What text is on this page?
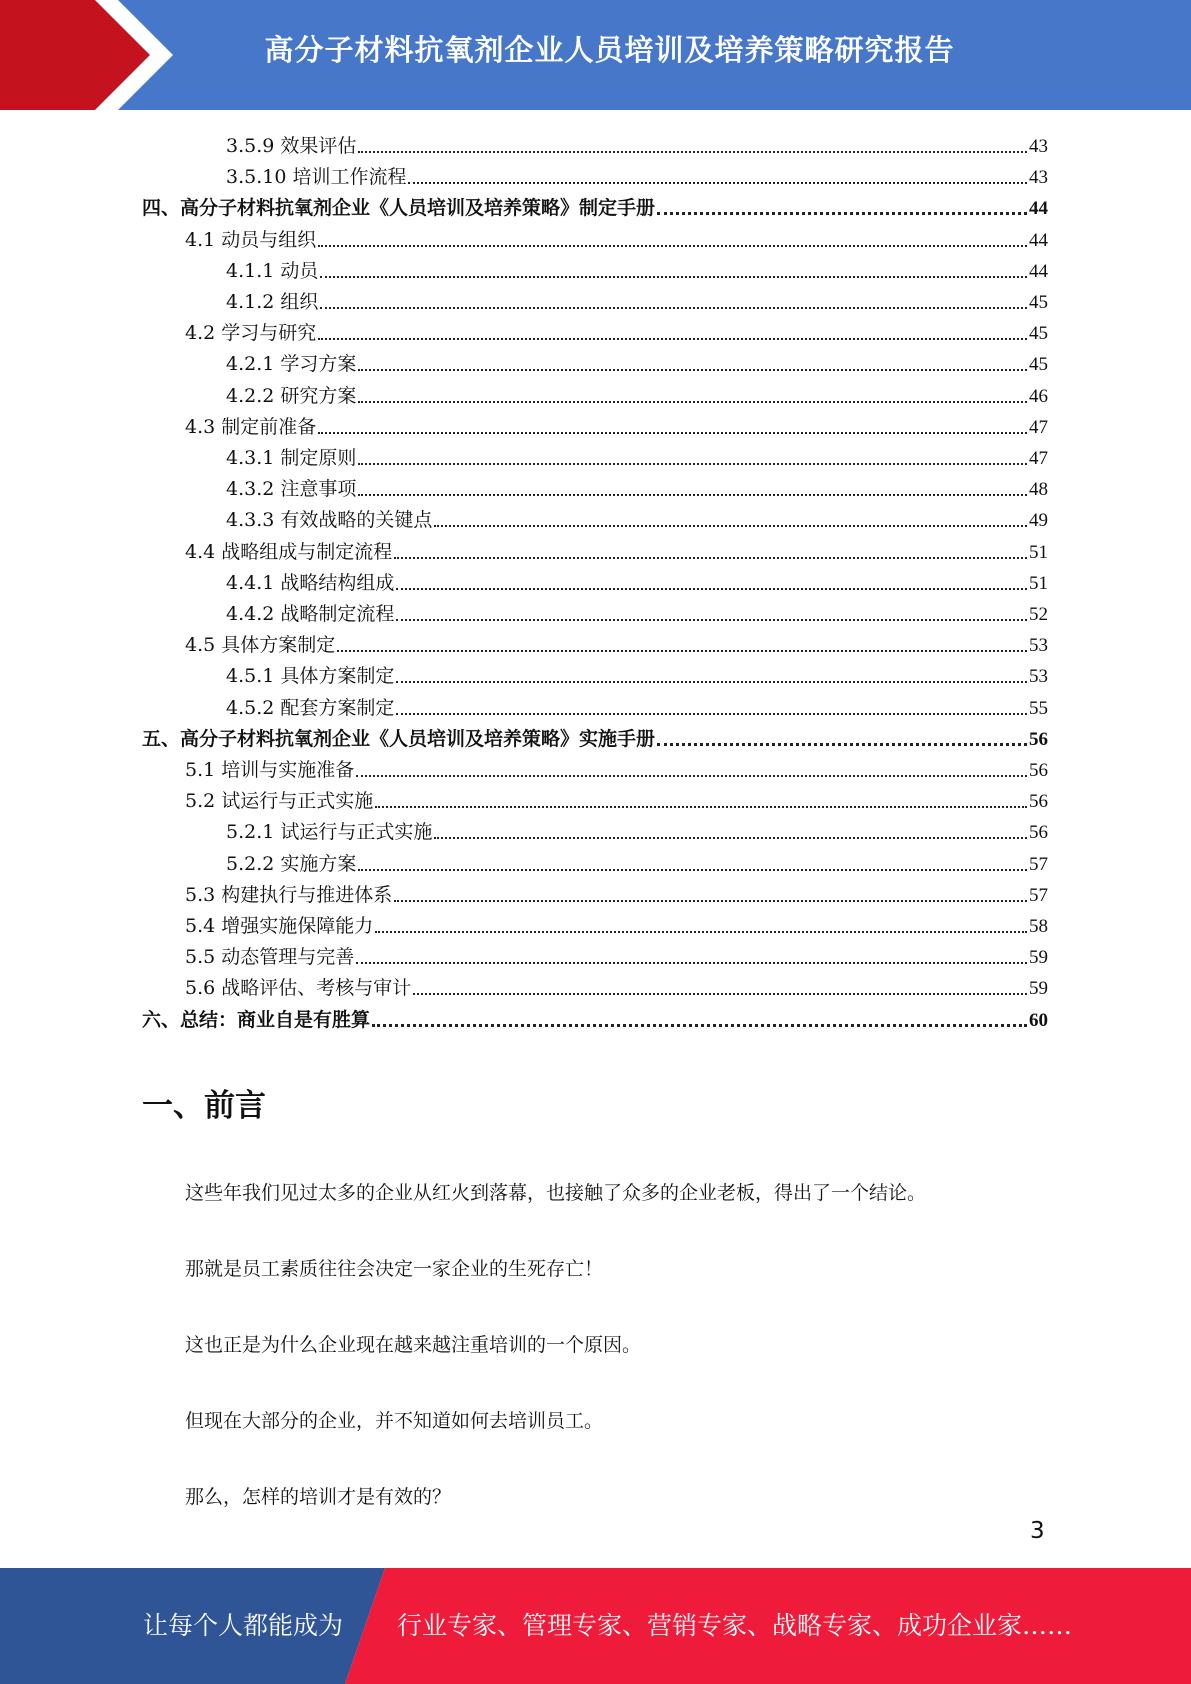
高分子材料抗氧剂企业人员培训及培养策略研究报告
3.5.9 效果评估	43
3.5.10 培训工作流程	43
四、高分子材料抗氧剂企业《人员培训及培养策略》制定手册	44
4.1 动员与组织	44
4.1.1 动员	44
4.1.2 组织	45
4.2 学习与研究	45
4.2.1 学习方案	45
4.2.2 研究方案	46
4.3 制定前准备	47
4.3.1 制定原则	47
4.3.2 注意事项	48
4.3.3 有效战略的关键点	49
4.4 战略组成与制定流程	51
4.4.1 战略结构组成	51
4.4.2 战略制定流程	52
4.5 具体方案制定	53
4.5.1 具体方案制定	53
4.5.2 配套方案制定	55
五、高分子材料抗氧剂企业《人员培训及培养策略》实施手册	56
5.1 培训与实施准备	56
5.2 试运行与正式实施	56
5.2.1 试运行与正式实施	56
5.2.2 实施方案	57
5.3 构建执行与推进体系	57
5.4 增强实施保障能力	58
5.5 动态管理与完善	59
5.6 战略评估、考核与审计	59
六、总结：商业自是有胜算	60
一、前言
这些年我们见过太多的企业从红火到落幕，也接触了众多的企业老板，得出了一个结论。
那就是员工素质往往会决定一家企业的生死存亡！
这也正是为什么企业现在越来越注重培训的一个原因。
但现在大部分的企业，并不知道如何去培训员工。
那么，怎样的培训才是有效的？
3
让每个人都能成为 行业专家、管理专家、营销专家、战略专家、成功企业家……
